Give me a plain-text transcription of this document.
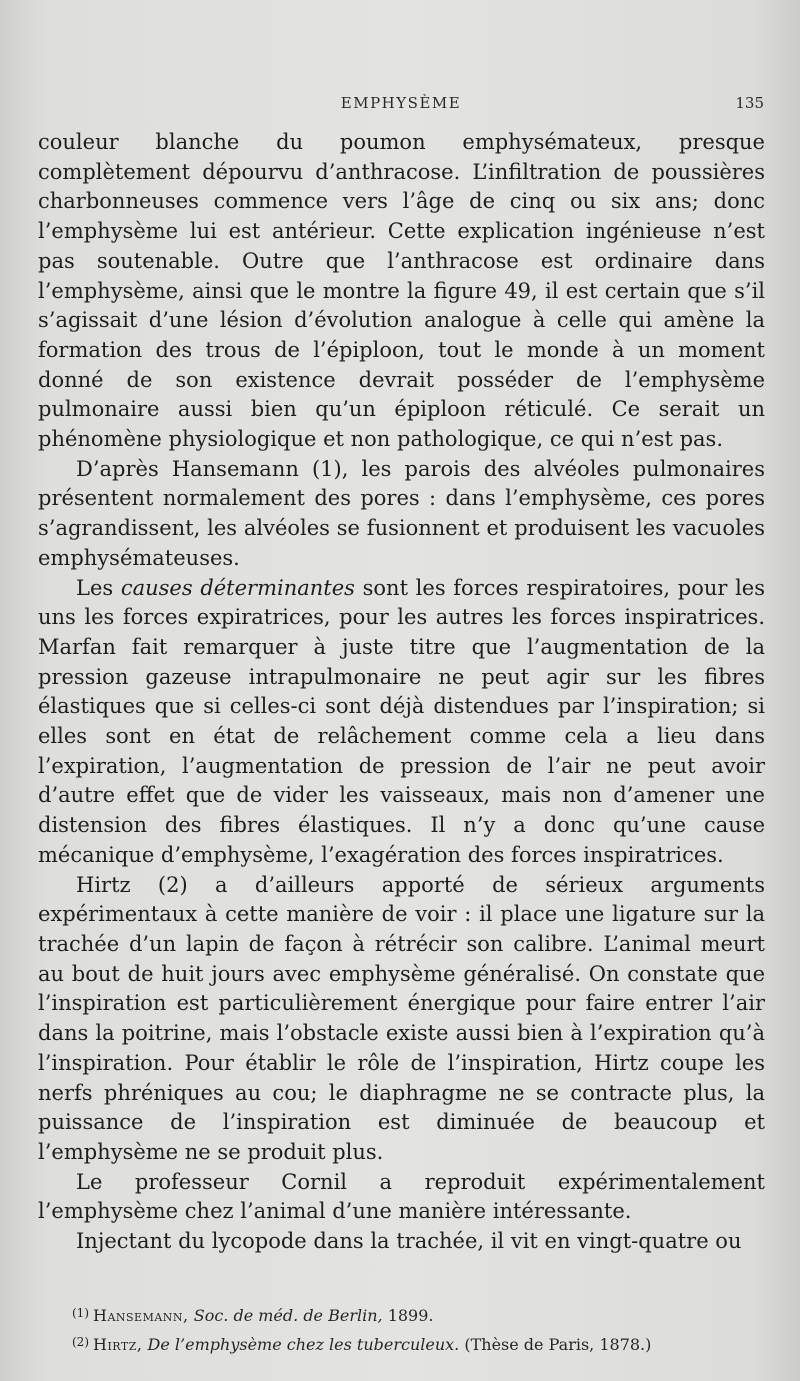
EMPHYSÈME	135

couleur blanche du poumon emphysémateux, presque complètement dépourvu d’anthracose. L’infiltration de poussières charbonneuses commence vers l’âge de cinq ou six ans; donc l’emphysème lui est antérieur. Cette explication ingénieuse n’est pas soutenable. Outre que l’anthracose est ordinaire dans l’emphysème, ainsi que le montre la figure 49, il est certain que s’il s’agissait d’une lésion d’évolution analogue à celle qui amène la formation des trous de l’épiploon, tout le monde à un moment donné de son existence devrait posséder de l’emphysème pulmonaire aussi bien qu’un épiploon réticulé. Ce serait un phénomène physiologique et non pathologique, ce qui n’est pas.

D’après Hansemann (1), les parois des alvéoles pulmonaires présentent normalement des pores : dans l’emphysème, ces pores s’agrandissent, les alvéoles se fusionnent et produisent les vacuoles emphysémateuses.

Les causes déterminantes sont les forces respiratoires, pour les uns les forces expiratrices, pour les autres les forces inspiratrices. Marfan fait remarquer à juste titre que l’augmentation de la pression gazeuse intrapulmonaire ne peut agir sur les fibres élastiques que si celles-ci sont déjà distendues par l’inspiration; si elles sont en état de relâchement comme cela a lieu dans l’expiration, l’augmentation de pression de l’air ne peut avoir d’autre effet que de vider les vaisseaux, mais non d’amener une distension des fibres élastiques. Il n’y a donc qu’une cause mécanique d’emphysème, l’exagération des forces inspiratrices.

Hirtz (2) a d’ailleurs apporté de sérieux arguments expérimentaux à cette manière de voir : il place une ligature sur la trachée d’un lapin de façon à rétrécir son calibre. L’animal meurt au bout de huit jours avec emphysème généralisé. On constate que l’inspiration est particulièrement énergique pour faire entrer l’air dans la poitrine, mais l’obstacle existe aussi bien à l’expiration qu’à l’inspiration. Pour établir le rôle de l’inspiration, Hirtz coupe les nerfs phréniques au cou; le diaphragme ne se contracte plus, la puissance de l’inspiration est diminuée de beaucoup et l’emphysème ne se produit plus.

Le professeur Cornil a reproduit expérimentalement l’emphysème chez l’animal d’une manière intéressante.

Injectant du lycopode dans la trachée, il vit en vingt-quatre ou

$^{(1)}$ Hansemann, Soc. de méd. de Berlin, 1899.
$^{(2)}$ Hirtz, De l’emphysème chez les tuberculeux. (Thèse de Paris, 1878.)
